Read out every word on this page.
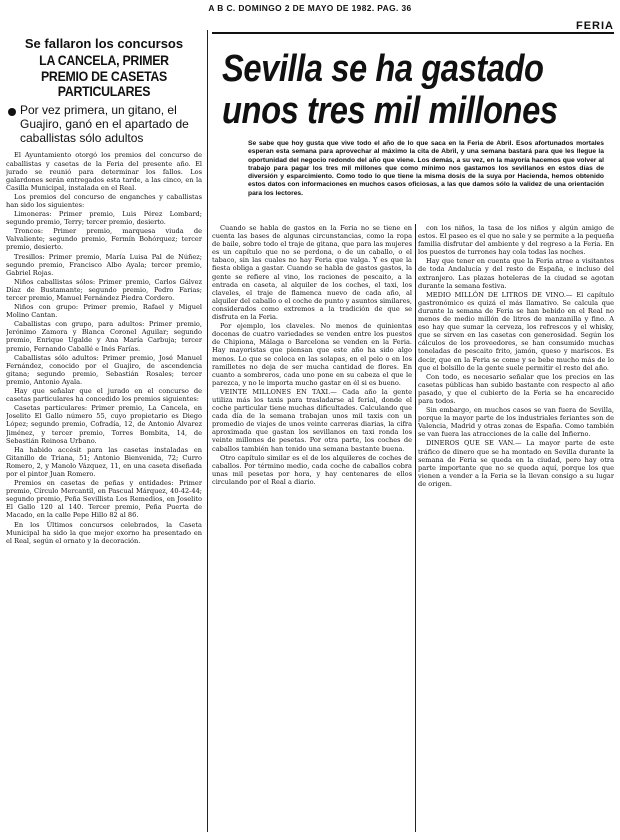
A B C. DOMINGO 2 DE MAYO DE 1982. PAG. 36
FERIA
Se fallaron los concursos
LA CANCELA, PRIMER PREMIO DE CASETAS PARTICULARES
Por vez primera, un gitano, el Guajiro, ganó en el apartado de caballistas sólo adultos

El Ayuntamiento otorgó los premios del concurso de caballistas y casetas de la Feria del presente año. El jurado se reunió para determinar los fallos. Los galardones serán entregados esta tarde, a las cinco, en la Casilla Municipal, instalada en el Real.

Los premios del concurso de enganches y caballistas han sido los siguientes:

Limoneras: Primer premio, Luis Pérez Lombard; segundo premio, Terry; tercer premio, desierto.

Troncos: Primer premio, marquesa viuda de Valvaliente; segundo premio, Fermín Bohórquez; tercer premio, desierto.

Tresillos: Primer premio, María Luisa Pal de Núñez; segundo premio, Francisco Albo Ayala; tercer premio, Gabriel Rojas.

Niños caballistas sólos: Primer premio, Carlos Gálvez Díaz de Bustamante; segundo premio, Pedro Farias; tercer premio, Manuel Fernández Piedra Cordero.

Niños con grupo: Primer premio, Rafael y Miguel Molino Cantan.

Caballistas con grupo, para adultos: Primer premio, Jerónimo Zamora y Blanca Coronel Aguilar; segundo premio, Enrique Ugalde y Ana María Carbuja; tercer premio, Fernando Caballé e Inés Farías.

Caballistas sólo adultos: Primer premio, José Manuel Fernández, conocido por el Guajiro, de ascendencia gitana; segundo premio, Sebastián Rosales; tercer premio, Antonio Ayala.

Hay que señalar que el jurado en el concurso de casetas particulares ha concedido los premios siguientes:

Casetas particulares: Primer premio, La Cancela, en Joselito El Gallo número 55, cuyo propietario es Diego López; segundo premio, Cofradía, 12, de Antonio Álvarez Jiménez, y tercer premio, Torres Bombita, 14, de Sebastián Reinosa Urbano.

Ha habido accésit para las casetas instaladas en Gitanillo de Triana, 51; Antonio Bienvenida, 72; Curro Romero, 2, y Manolo Vázquez, 11, en una caseta diseñada por el pintor Juan Romero.

Premios en casetas de peñas y entidades: Primer premio, Círculo Mercantil, en Pascual Márquez, 40-42-44; segundo premio, Peña Sevillista Los Remedios, en Joselito El Gallo 120 al 140. Tercer premio, Peña Puerta de Macado, en la calle Pepe Hillo 82 al 86.

En los Últimos concursos celebrados, la Caseta Municipal ha sido la que mejor exorno ha presentado en el Real, según el ornato y la decoración.

Sevilla se ha gastado unos tres mil millones
Se sabe que hoy gusta que vive todo el año de lo que saca en la Feria de Abril. Esos afortunados mortales esperan esta semana para aprovechar al máximo la cita de Abril, y una semana bastará para que les llegue la oportunidad del negocio redondo del año que viene. Los demás, a su vez, en la mayoría hacemos que volver al trabajo para pagar los tres mil millones que como mínimo nos gastamos los sevillanos en estos días de diversión y esparcimiento. Como todo lo que tiene la misma dosis de la suya por Hacienda, hemos obtenido estos datos con informaciones en muchos casos oficiosas, a las que damos sólo la validez de una orientación para los lectores.

Cuando se habla de gastos en la Feria no se tiene en cuenta las bases de algunas circunstancias, como la ropa de baile, sobre todo el traje de gitana, que para las mujeres es un capítulo que no se perdona, o de un caballo, o el tabaco, sin las cuales no hay Feria que valga. Y es que la fiesta obliga a gastar. Cuando se habla de gastos gastos, la gente se refiere al vino, los raciones de pescaito, a la entrada en caseta, al alquiler de los coches, el taxi, los claveles, el traje de flamenca nuevo de cada año, al alquiler del caballo o el coche de punto y asuntos similares, considerados como extremos a la tradición de que se disfruta en la Feria.

Por ejemplo, los claveles. No menos de quinientas docenas de cuatro variedades se venden entre los puestos de Chipiona, Málaga o Barcelona se venden en la Feria. Hay mayoristas que piensan que este año ha sido algo menos. Lo que se coloca en las solapas, en el pelo o en los ramilletes no deja de ser mucha cantidad de flores. En cuanto a sombreros, cada uno pone en su cabeza el que le parezca, y no le importa mucho gastar en él si es bueno.

VEINTE MILLONES EN TAXI.— Cada año la gente utiliza más los taxis para trasladarse al ferial, donde el coche particular tiene muchas dificultades. Calculando que cada día de la semana trabajan unos mil taxis con un promedio de viajes de unos veinte carreras diarias, la cifra aproximada que gastan los sevillanos en taxi ronda los veinte millones de pesetas. Por otra parte, los coches de caballos también han tenido una semana bastante buena.

Otro capítulo similar es el de los alquileres de coches de caballos. Por término medio, cada coche de caballos cobra unas mil pesetas por hora, y hay centenares de ellos circulando por el Real a diario.

con los niños, la tasa de los niños y algún amigo de estos. El paseo es el que no sale y se permite a la pequeña familia disfrutar del ambiente y del regreso a la Feria. En los puestos de turrones hay cola todas las noches.

Hay que tener en cuenta que la Feria atrae a visitantes de toda Andalucía y del resto de España, e incluso del extranjero. Las plazas hoteleras de la ciudad se agotan durante la semana festiva.

MEDIO MILLÓN DE LITROS DE VINO.— El capítulo gastronómico es quizá el más llamativo. Se calcula que durante la semana de Feria se han bebido en el Real no menos de medio millón de litros de manzanilla y fino. A eso hay que sumar la cerveza, los refrescos y el whisky, que se sirven en las casetas con generosidad. Según los cálculos de los proveedores, se han consumido muchas toneladas de pescaito frito, jamón, queso y mariscos. Es decir, que en la Feria se come y se bebe mucho más de lo que el bolsillo de la gente suele permitir el resto del año.

Con todo, es necesario señalar que los precios en las casetas públicas han subido bastante con respecto al año pasado, y que el cubierto de la Feria se ha encarecido para todos.

Sin embargo, en muchos casos se van fuera de Sevilla, porque la mayor parte de los industriales feriantes son de Valencia, Madrid y otras zonas de España. Como también se van fuera las atracciones de la calle del Infierno.

DINEROS QUE SE VAN.— La mayor parte de este tráfico de dinero que se ha montado en Sevilla durante la semana de Feria se queda en la ciudad, pero hay otra parte importante que no se queda aquí, porque los que vienen a vender a la Feria se la llevan consigo a su lugar de origen.
